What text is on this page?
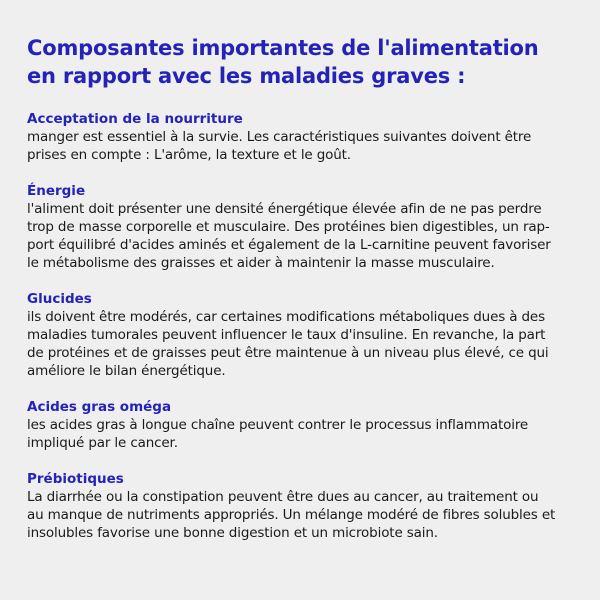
Composantes importantes de l'alimentation
en rapport avec les maladies graves :

Acceptation de la nourriture

manger est essentiel à la survie. Les caractéristiques suivantes doivent être
prises en compte : L'arôme, la texture et le goût.

Énergie

l'aliment doit présenter une densité énergétique élevée afin de ne pas perdre
trop de masse corporelle et musculaire. Des protéines bien digestibles, un rap-
port équilibré d'acides aminés et également de la L-carnitine peuvent favoriser
le métabolisme des graisses et aider à maintenir la masse musculaire.

Glucides

ils doivent être modérés, car certaines modifications métaboliques dues à des
maladies tumorales peuvent influencer le taux d'insuline. En revanche, la part
de protéines et de graisses peut être maintenue à un niveau plus élevé, ce qui
améliore le bilan énergétique.

Acides gras oméga

les acides gras à longue chaîne peuvent contrer le processus inflammatoire
impliqué par le cancer.

Prébiotiques

La diarrhée ou la constipation peuvent être dues au cancer, au traitement ou
au manque de nutriments appropriés. Un mélange modéré de fibres solubles et
insolubles favorise une bonne digestion et un microbiote sain.
